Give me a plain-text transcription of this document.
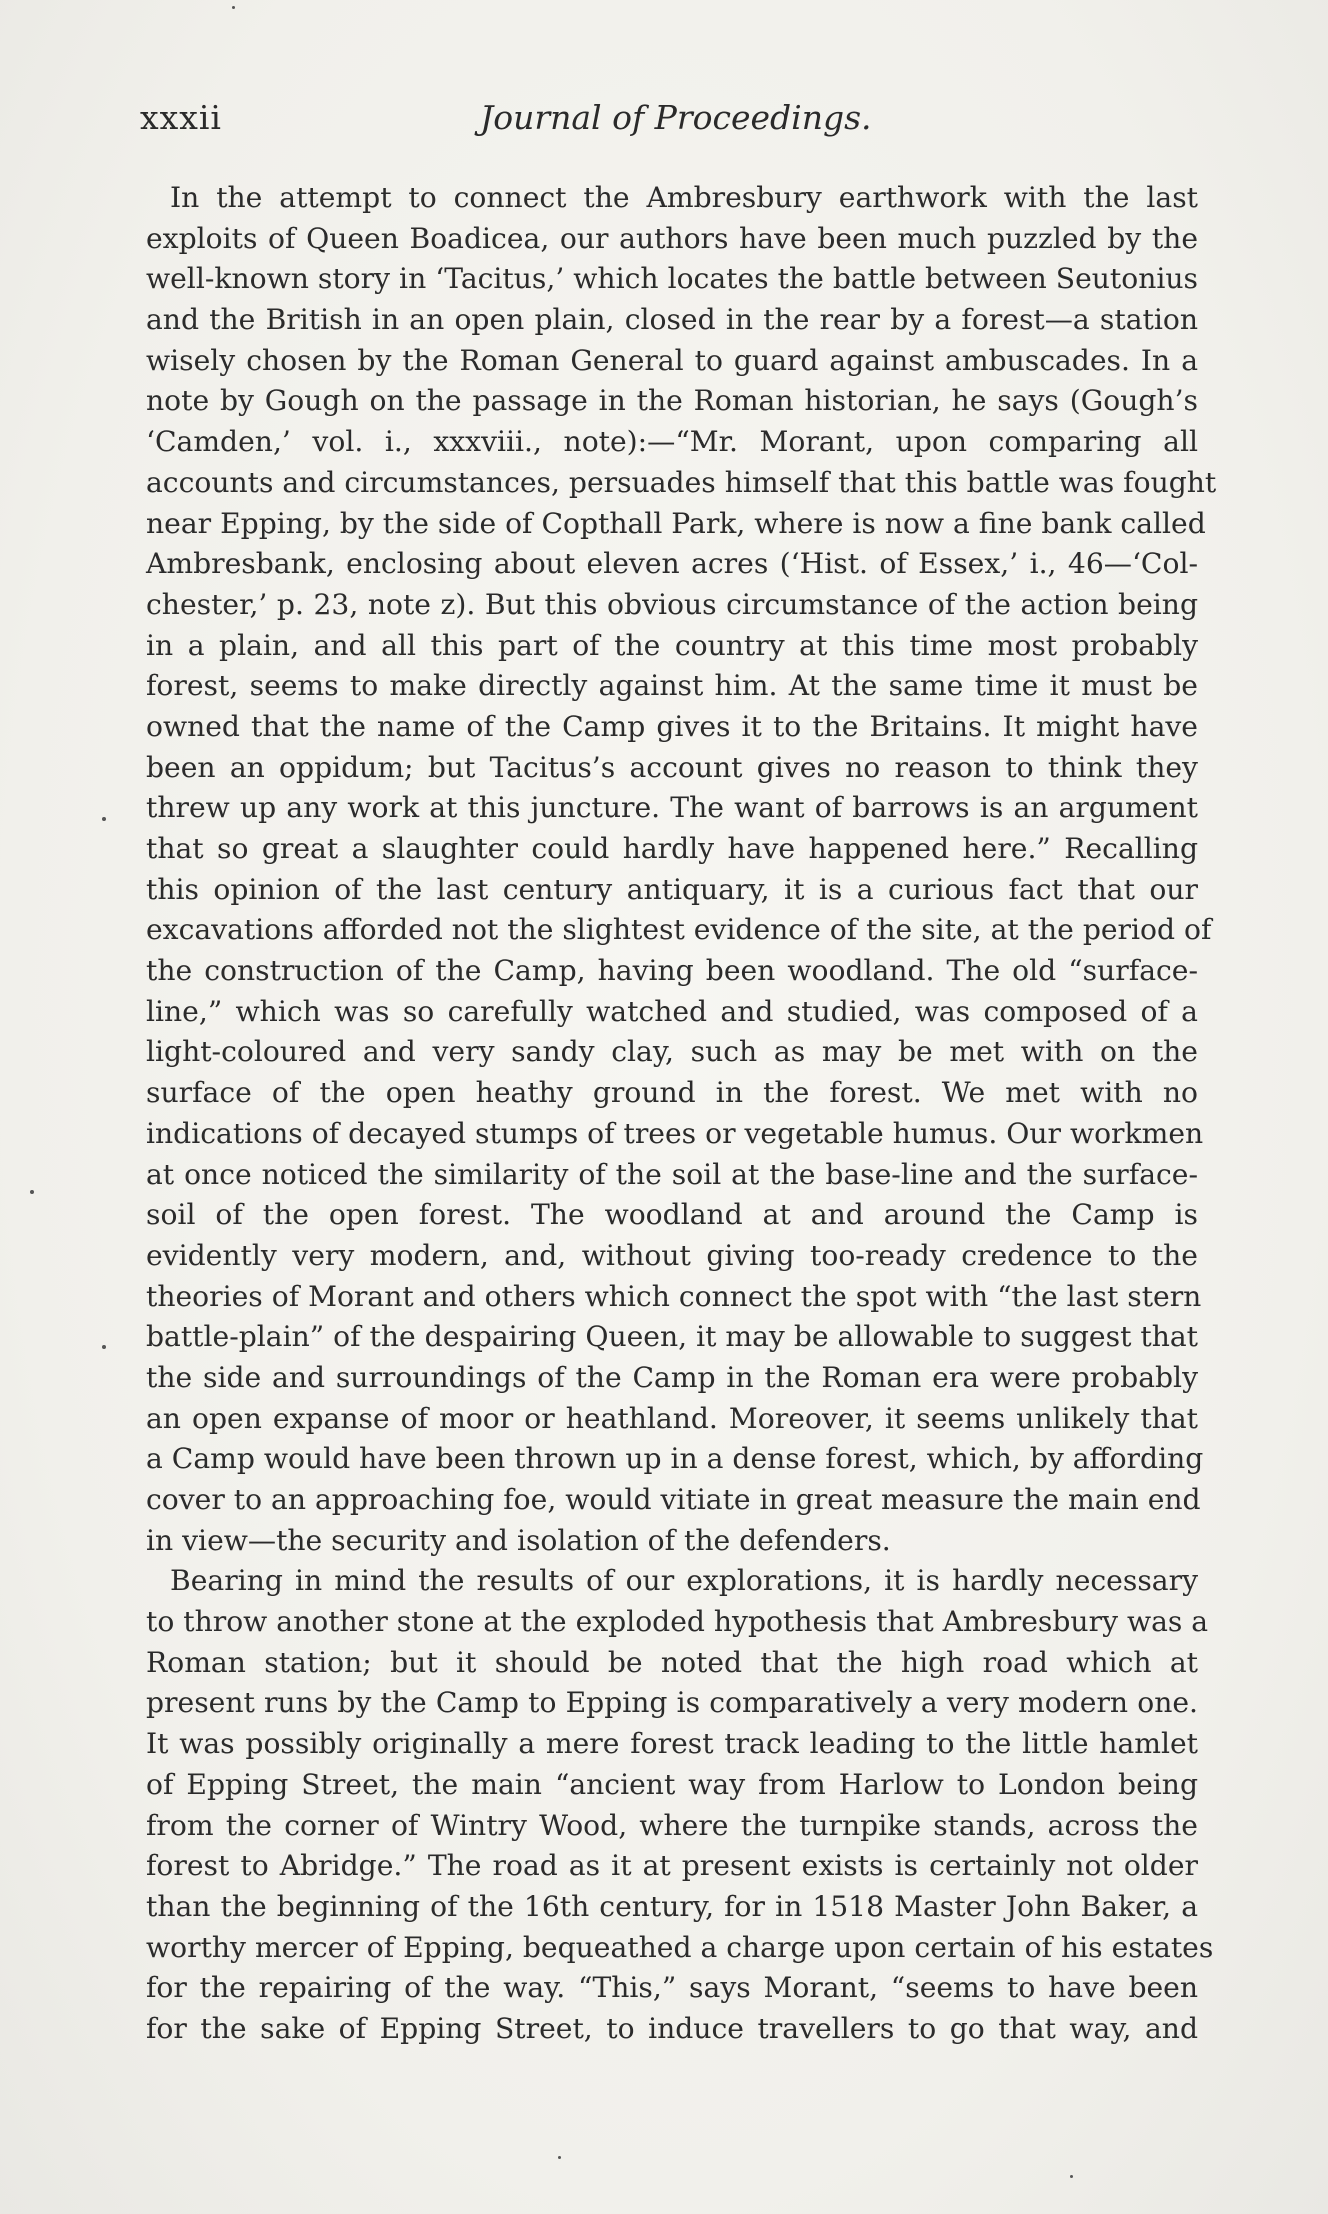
xxxii	Journal of Proceedings.
In the attempt to connect the Ambresbury earthwork with the last
exploits of Queen Boadicea, our authors have been much puzzled by the
well-known story in ‘Tacitus,’ which locates the battle between Seutonius
and the British in an open plain, closed in the rear by a forest—a station
wisely chosen by the Roman General to guard against ambuscades. In a
note by Gough on the passage in the Roman historian, he says (Gough’s
‘Camden,’ vol. i., xxxviii., note):—“Mr. Morant, upon comparing all
accounts and circumstances, persuades himself that this battle was fought
near Epping, by the side of Copthall Park, where is now a fine bank called
Ambresbank, enclosing about eleven acres (‘Hist. of Essex,’ i., 46—‘Col-
chester,’ p. 23, note z). But this obvious circumstance of the action being
in a plain, and all this part of the country at this time most probably
forest, seems to make directly against him. At the same time it must be
owned that the name of the Camp gives it to the Britains. It might have
been an oppidum; but Tacitus’s account gives no reason to think they
threw up any work at this juncture. The want of barrows is an argument
that so great a slaughter could hardly have happened here.” Recalling
this opinion of the last century antiquary, it is a curious fact that our
excavations afforded not the slightest evidence of the site, at the period of
the construction of the Camp, having been woodland. The old “surface-
line,” which was so carefully watched and studied, was composed of a
light-coloured and very sandy clay, such as may be met with on the
surface of the open heathy ground in the forest. We met with no
indications of decayed stumps of trees or vegetable humus. Our workmen
at once noticed the similarity of the soil at the base-line and the surface-
soil of the open forest. The woodland at and around the Camp is
evidently very modern, and, without giving too-ready credence to the
theories of Morant and others which connect the spot with “the last stern
battle-plain” of the despairing Queen, it may be allowable to suggest that
the side and surroundings of the Camp in the Roman era were probably
an open expanse of moor or heathland. Moreover, it seems unlikely that
a Camp would have been thrown up in a dense forest, which, by affording
cover to an approaching foe, would vitiate in great measure the main end
in view—the security and isolation of the defenders.
Bearing in mind the results of our explorations, it is hardly necessary
to throw another stone at the exploded hypothesis that Ambresbury was a
Roman station; but it should be noted that the high road which at
present runs by the Camp to Epping is comparatively a very modern one.
It was possibly originally a mere forest track leading to the little hamlet
of Epping Street, the main “ancient way from Harlow to London being
from the corner of Wintry Wood, where the turnpike stands, across the
forest to Abridge.” The road as it at present exists is certainly not older
than the beginning of the 16th century, for in 1518 Master John Baker, a
worthy mercer of Epping, bequeathed a charge upon certain of his estates
for the repairing of the way. “This,” says Morant, “seems to have been
for the sake of Epping Street, to induce travellers to go that way, and
